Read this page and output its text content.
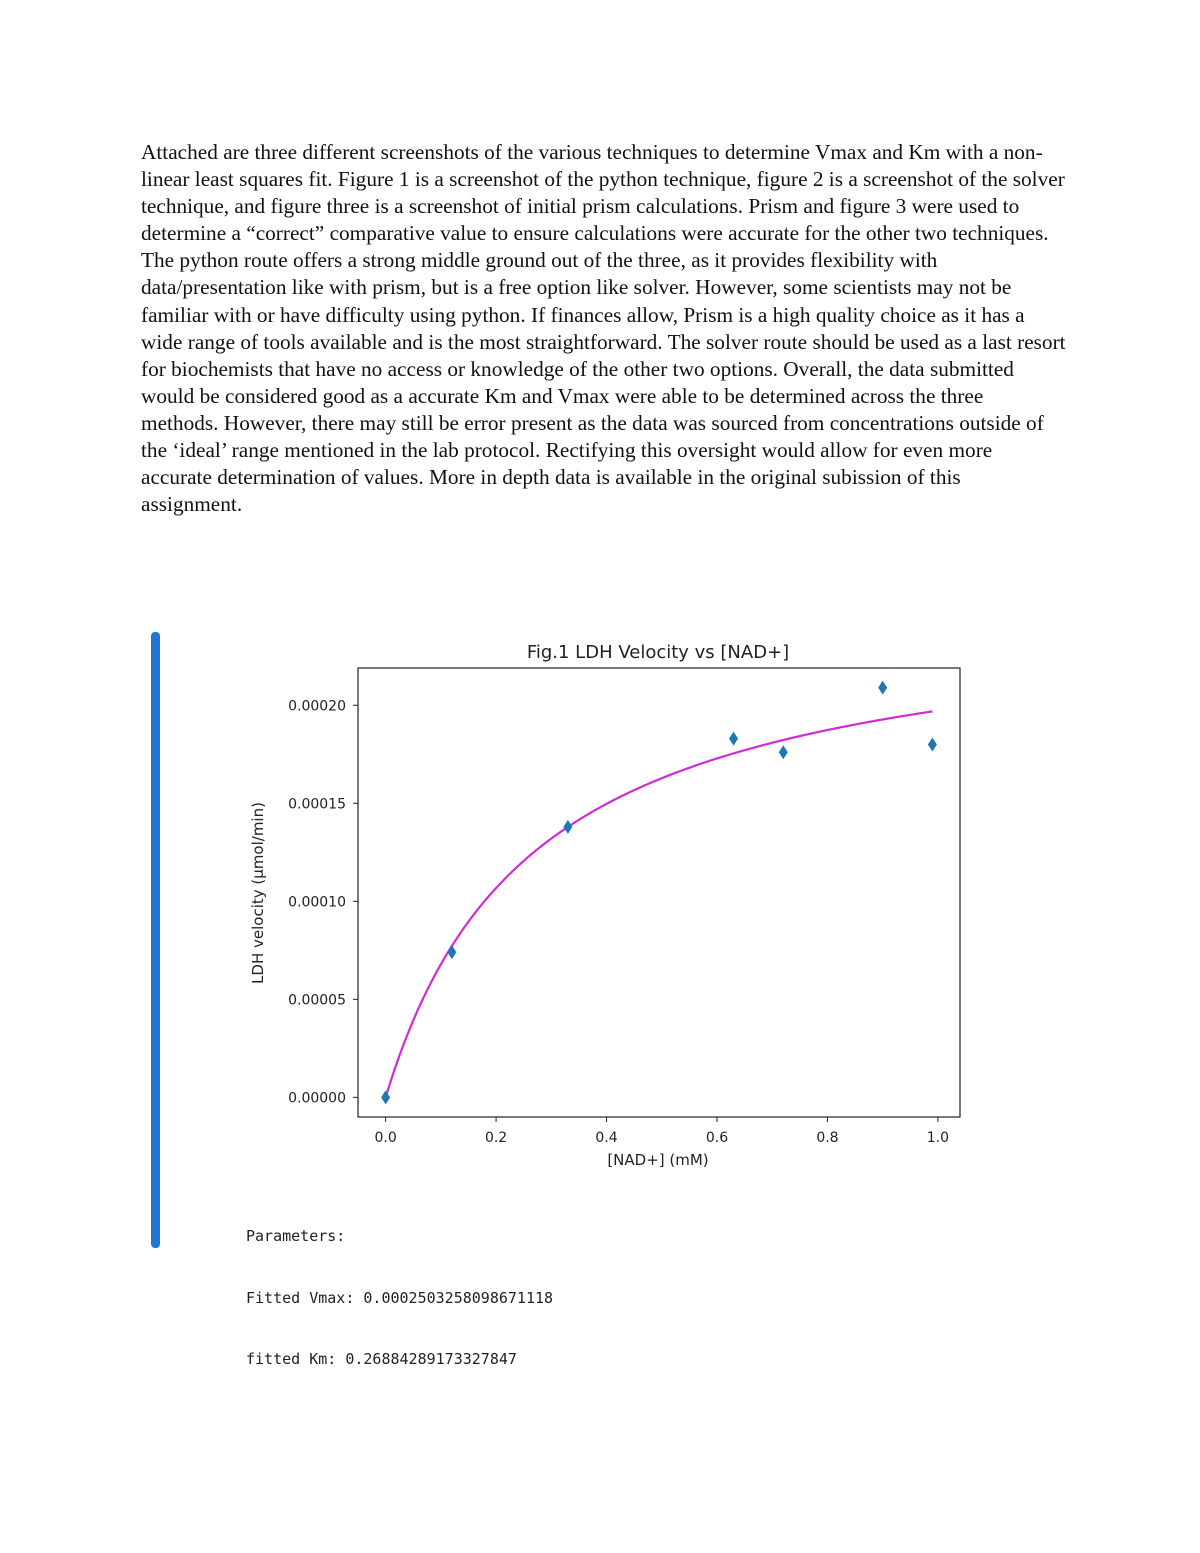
Attached are three different screenshots of the various techniques to determine Vmax and Km with a non-linear least squares fit. Figure 1 is a screenshot of the python technique, figure 2 is a screenshot of the solver technique, and figure three is a screenshot of initial prism calculations. Prism and figure 3 were used to determine a “correct” comparative value to ensure calculations were accurate for the other two techniques. The python route offers a strong middle ground out of the three, as it provides flexibility with data/presentation like with prism, but is a free option like solver. However, some scientists may not be familiar with or have difficulty using python. If finances allow, Prism is a high quality choice as it has a wide range of tools available and is the most straightforward. The solver route should be used as a last resort for biochemists that have no access or knowledge of the other two options. Overall, the data submitted would be considered good as a accurate Km and Vmax were able to be determined across the three methods. However, there may still be error present as the data was sourced from concentrations outside of the ‘ideal’ range mentioned in the lab protocol. Rectifying this oversight would allow for even more accurate determination of values. More in depth data is available in the original subission of this assignment.

Fig.1 LDH Velocity vs [NAD+]
0.0	0.2	0.4	0.6	0.8	1.0
0.00000
0.00005
0.00010
0.00015
0.00020
[NAD+] (mM)
LDH velocity (μmol/min)

Parameters:

Fitted Vmax: 0.0002503258098671118

fitted Km: 0.26884289173327847
